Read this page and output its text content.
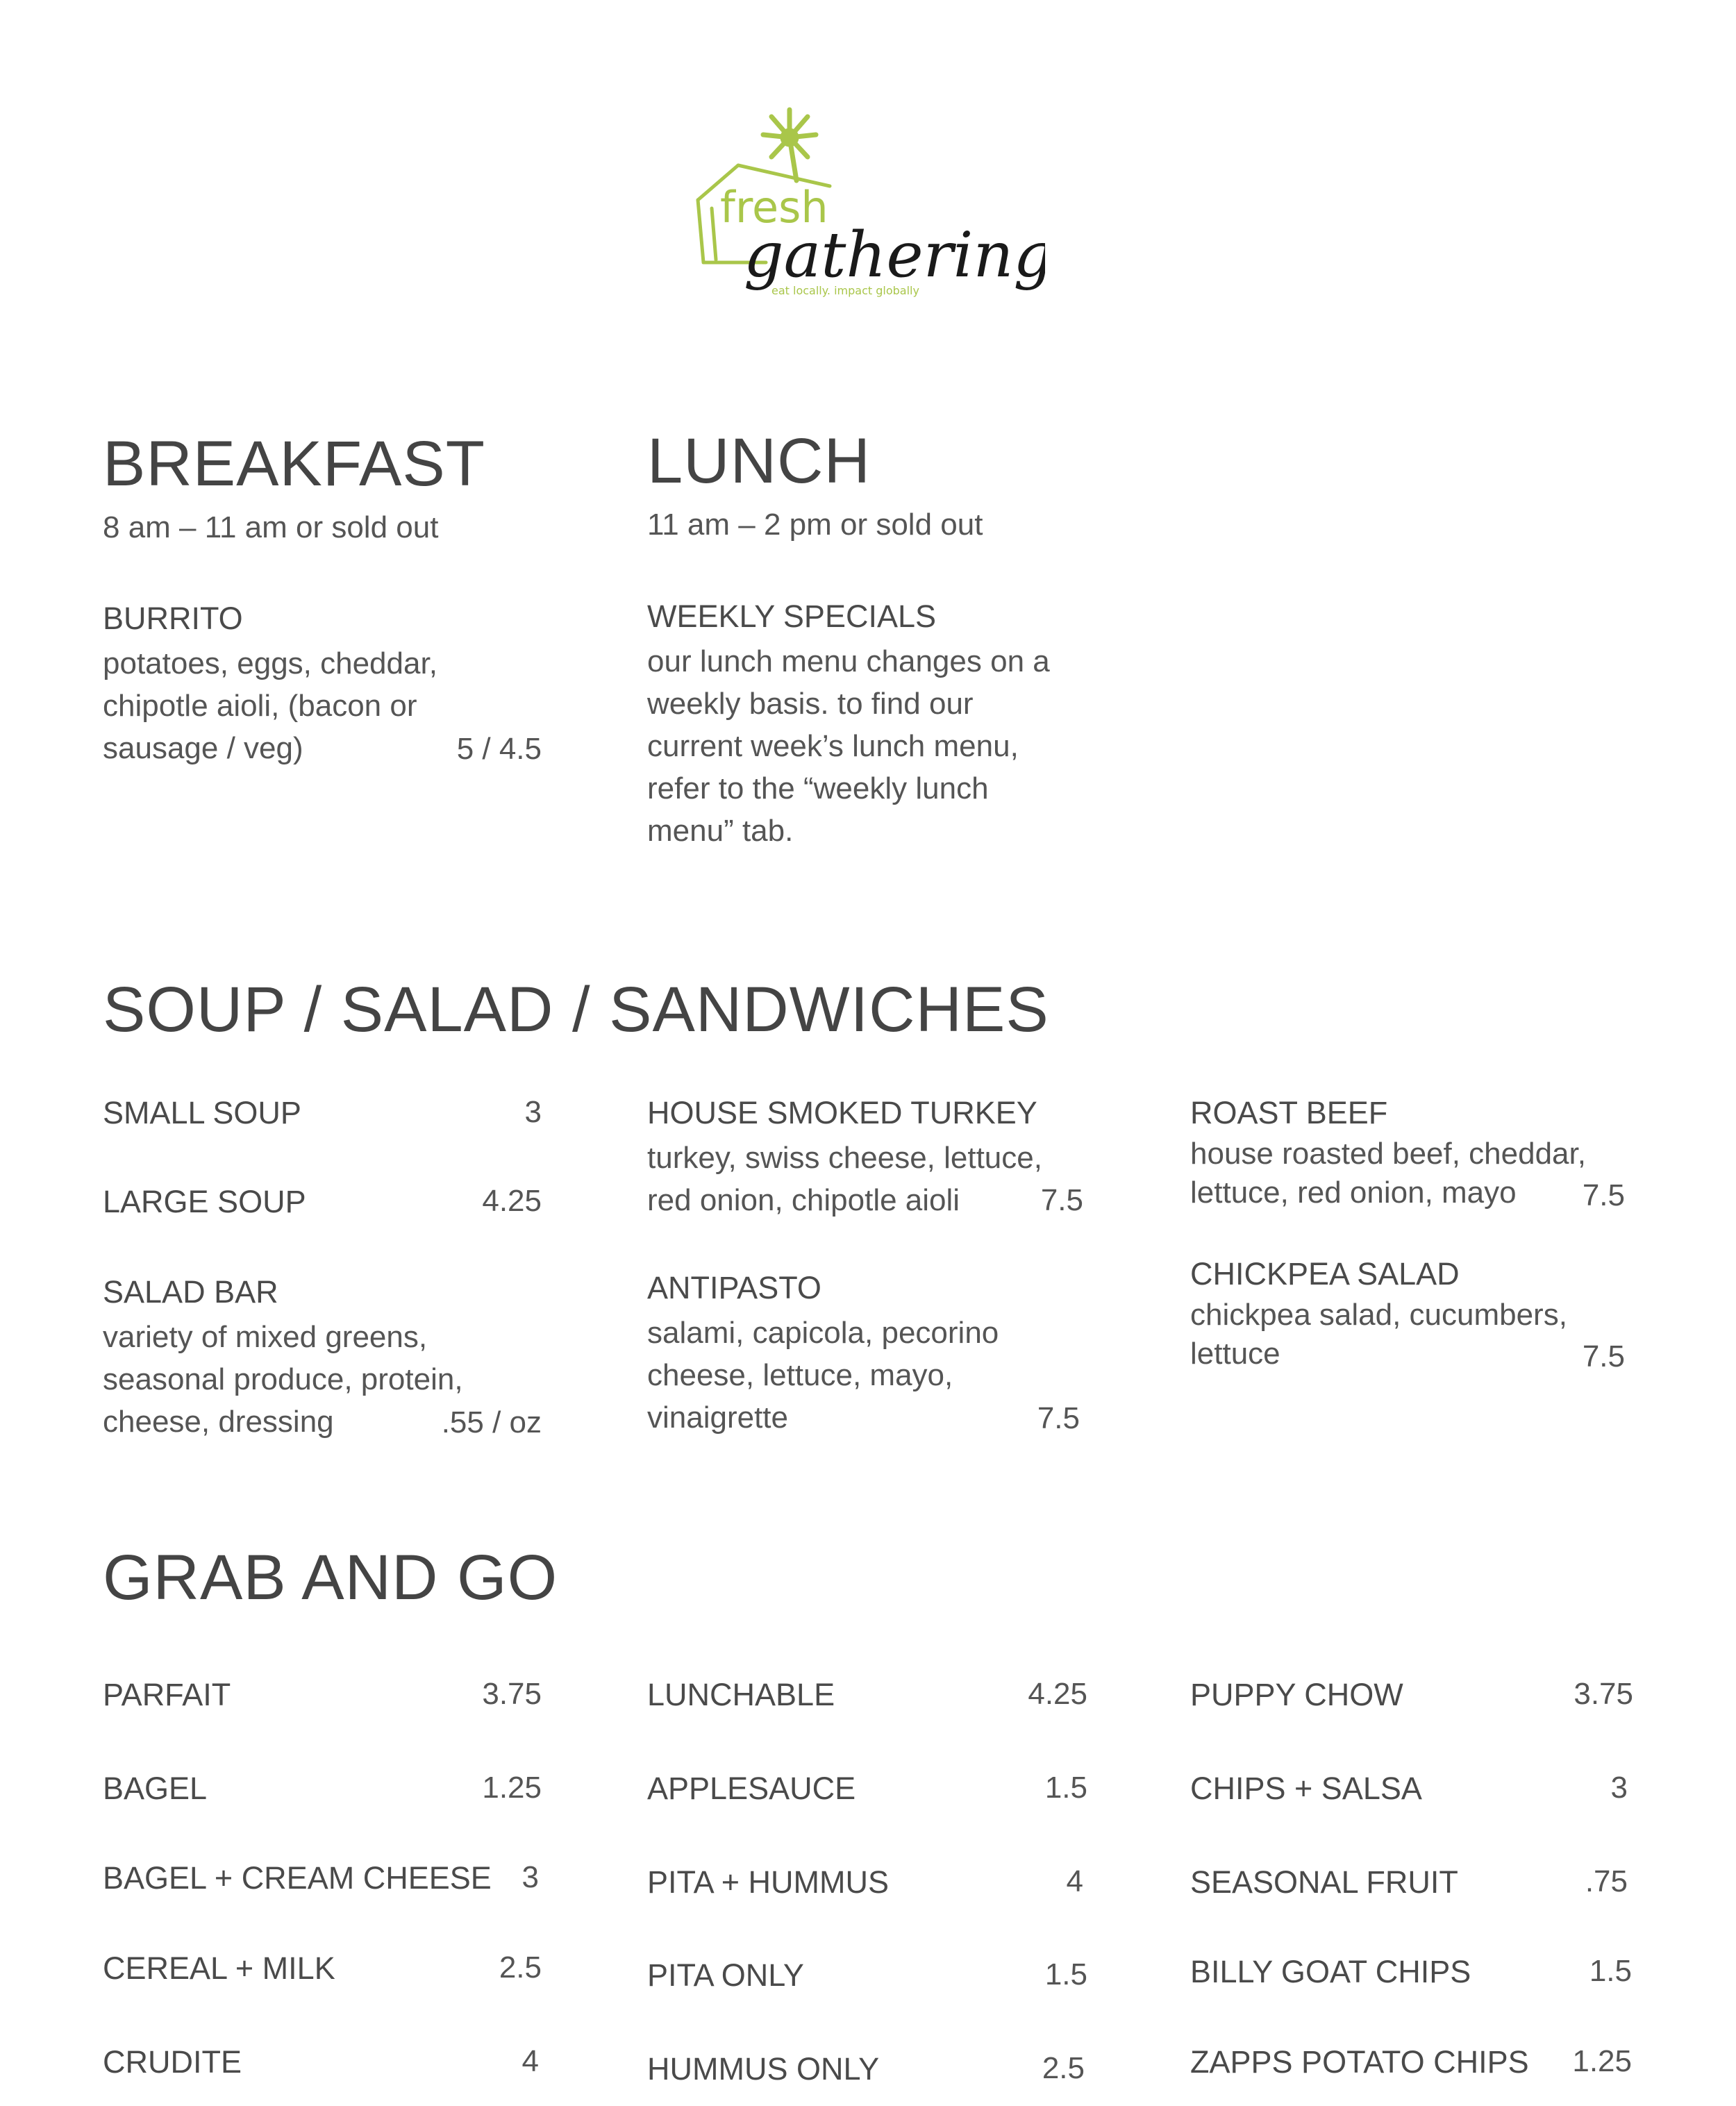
fresh
gatherin
eat locally. impact globally
BREAKFAST
8 am – 11 am or sold out
BURRITO
potatoes, eggs, cheddar,
chipotle aioli, (bacon or
sausage / veg)	5 / 4.5
LUNCH
11 am – 2 pm or sold out
WEEKLY SPECIALS
our lunch menu changes on a
weekly basis. to find our
current week’s lunch menu,
refer to the “weekly lunch
menu” tab.
SOUP / SALAD / SANDWICHES
SMALL SOUP	3
LARGE SOUP	4.25
SALAD BAR
variety of mixed greens,
seasonal produce, protein,
cheese, dressing	.55 / oz
HOUSE SMOKED TURKEY
turkey, swiss cheese, lettuce,
red onion, chipotle aioli	7.5
ANTIPASTO
salami, capicola, pecorino
cheese, lettuce, mayo,
vinaigrette	7.5
ROAST BEEF
house roasted beef, cheddar,
lettuce, red onion, mayo	7.5
CHICKPEA SALAD
chickpea salad, cucumbers,
lettuce	7.5
GRAB AND GO
PARFAIT	3.75
BAGEL	1.25
BAGEL + CREAM CHEESE 3
CEREAL + MILK	2.5
CRUDITE	4
LUNCHABLE	4.25
APPLESAUCE	1.5
PITA + HUMMUS	4
PITA ONLY	1.5
HUMMUS ONLY	2.5
PUPPY CHOW	3.75
CHIPS + SALSA	3
SEASONAL FRUIT	.75
BILLY GOAT CHIPS	1.5
ZAPPS POTATO CHIPS 1.25
